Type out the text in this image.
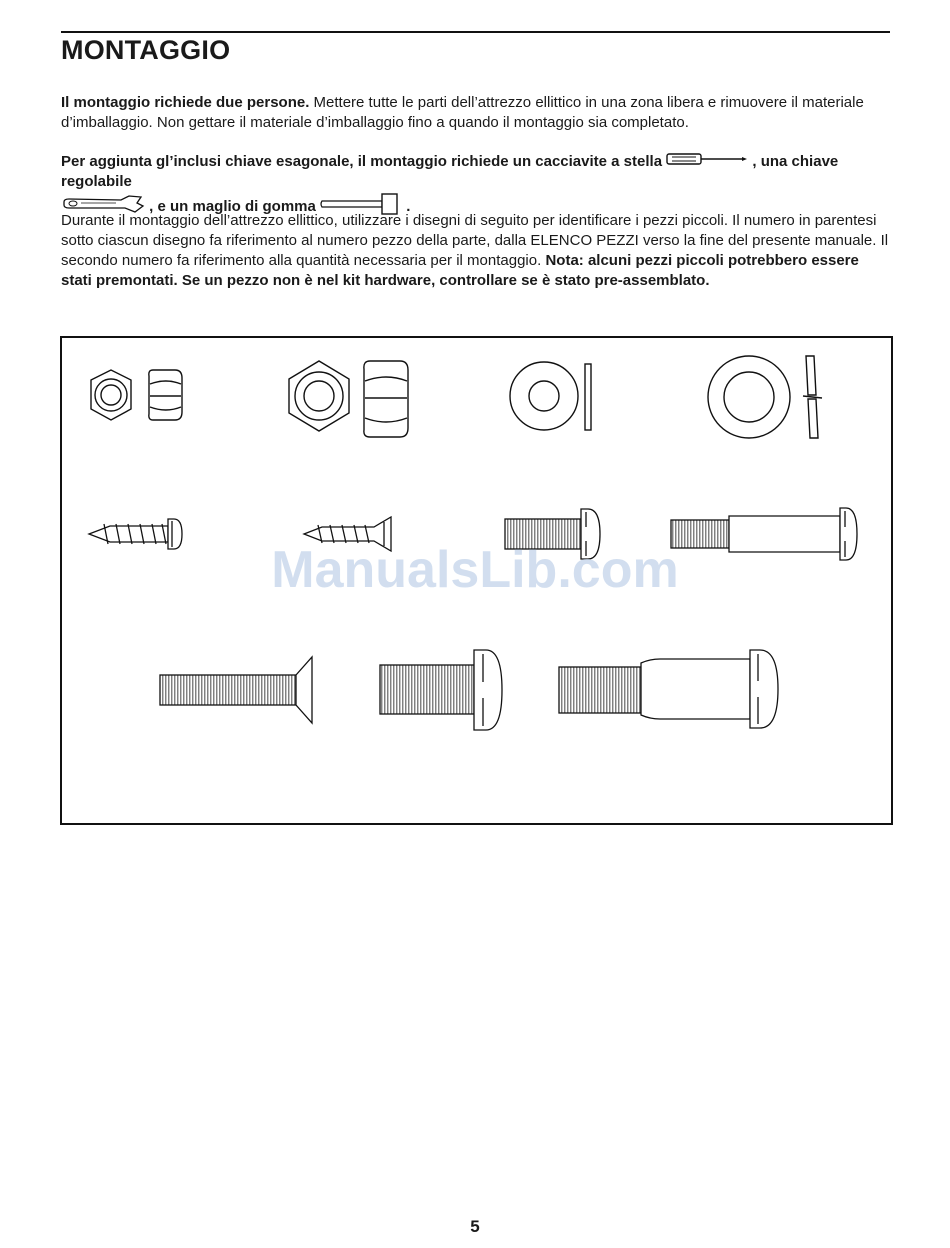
MONTAGGIO

Il montaggio richiede due persone. Mettere tutte le parti dell’attrezzo ellittico in una zona libera e rimuovere il materiale d’imballaggio. Non gettare il materiale d’imballaggio fino a quando il montaggio sia completato.

Per aggiunta gl’inclusi chiave esagonale, il montaggio richiede un cacciavite a stella	, una chiave regolabile
, e un maglio di gomma	.

Durante il montaggio dell’attrezzo ellittico, utilizzare i disegni di seguito per identificare i pezzi piccoli. Il numero in parentesi sotto ciascun disegno fa riferimento al numero pezzo della parte, dalla ELENCO PEZZI verso la fine del presente manuale. Il secondo numero fa riferimento alla quantità necessaria per il montaggio. Nota: alcuni pezzi piccoli potrebbero essere stati premontati. Se un pezzo non è nel kit hardware, controllare se è stato pre-assemblato.

ManualsLib.com
5
